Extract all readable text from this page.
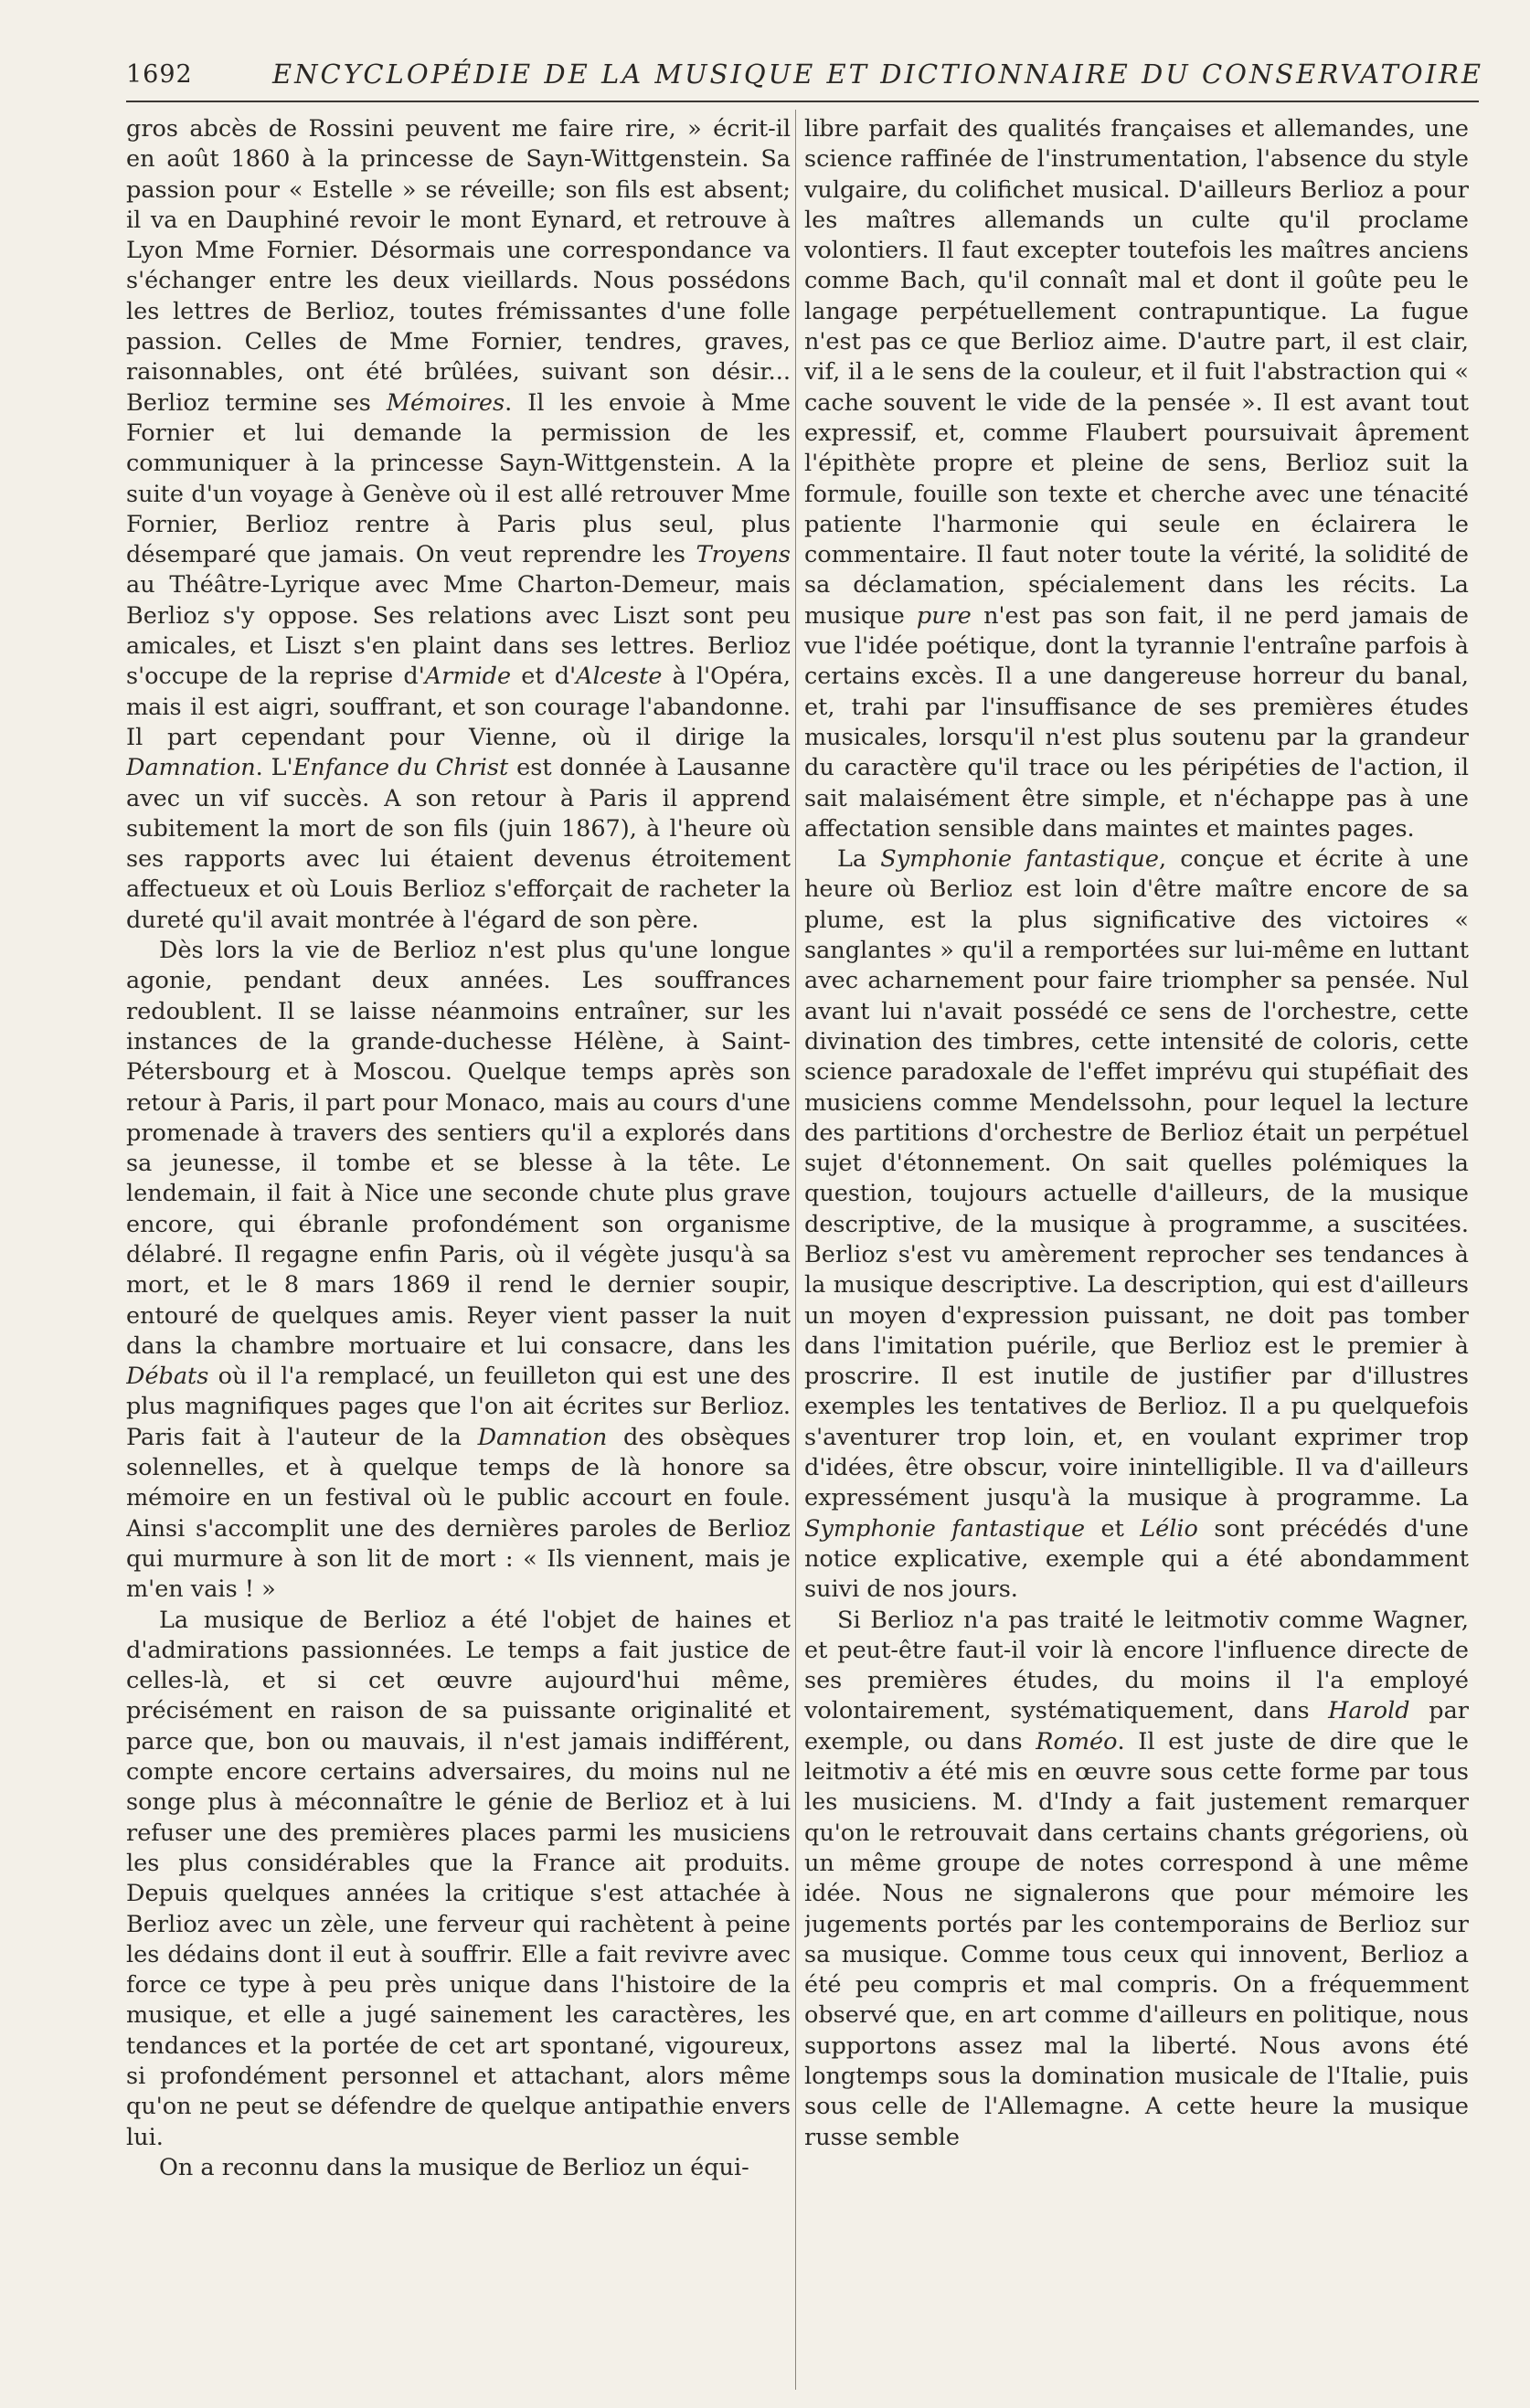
1692	ENCYCLOPÉDIE DE LA MUSIQUE ET DICTIONNAIRE DU CONSERVATOIRE

gros abcès de Rossini peuvent me faire rire, » écrit-il en août 1860 à la princesse de Sayn-Wittgenstein. Sa passion pour « Estelle » se réveille; son fils est absent; il va en Dauphiné revoir le mont Eynard, et retrouve à Lyon Mme Fornier. Désormais une correspondance va s'échanger entre les deux vieillards. Nous possédons les lettres de Berlioz, toutes frémissantes d'une folle passion. Celles de Mme Fornier, tendres, graves, raisonnables, ont été brûlées, suivant son désir... Berlioz termine ses Mémoires. Il les envoie à Mme Fornier et lui demande la permission de les communiquer à la princesse Sayn-Wittgenstein. A la suite d'un voyage à Genève où il est allé retrouver Mme Fornier, Berlioz rentre à Paris plus seul, plus désemparé que jamais. On veut reprendre les Troyens au Théâtre-Lyrique avec Mme Charton-Demeur, mais Berlioz s'y oppose. Ses relations avec Liszt sont peu amicales, et Liszt s'en plaint dans ses lettres. Berlioz s'occupe de la reprise d'Armide et d'Alceste à l'Opéra, mais il est aigri, souffrant, et son courage l'abandonne. Il part cependant pour Vienne, où il dirige la Damnation. L'Enfance du Christ est donnée à Lausanne avec un vif succès. A son retour à Paris il apprend subitement la mort de son fils (juin 1867), à l'heure où ses rapports avec lui étaient devenus étroitement affectueux et où Louis Berlioz s'efforçait de racheter la dureté qu'il avait montrée à l'égard de son père.

Dès lors la vie de Berlioz n'est plus qu'une longue agonie, pendant deux années. Les souffrances redoublent. Il se laisse néanmoins entraîner, sur les instances de la grande-duchesse Hélène, à Saint-Pétersbourg et à Moscou. Quelque temps après son retour à Paris, il part pour Monaco, mais au cours d'une promenade à travers des sentiers qu'il a explorés dans sa jeunesse, il tombe et se blesse à la tête. Le lendemain, il fait à Nice une seconde chute plus grave encore, qui ébranle profondément son organisme délabré. Il regagne enfin Paris, où il végète jusqu'à sa mort, et le 8 mars 1869 il rend le dernier soupir, entouré de quelques amis. Reyer vient passer la nuit dans la chambre mortuaire et lui consacre, dans les Débats où il l'a remplacé, un feuilleton qui est une des plus magnifiques pages que l'on ait écrites sur Berlioz. Paris fait à l'auteur de la Damnation des obsèques solennelles, et à quelque temps de là honore sa mémoire en un festival où le public accourt en foule. Ainsi s'accomplit une des dernières paroles de Berlioz qui murmure à son lit de mort : « Ils viennent, mais je m'en vais ! »

La musique de Berlioz a été l'objet de haines et d'admirations passionnées. Le temps a fait justice de celles-là, et si cet œuvre aujourd'hui même, précisément en raison de sa puissante originalité et parce que, bon ou mauvais, il n'est jamais indifférent, compte encore certains adversaires, du moins nul ne songe plus à méconnaître le génie de Berlioz et à lui refuser une des premières places parmi les musiciens les plus considérables que la France ait produits. Depuis quelques années la critique s'est attachée à Berlioz avec un zèle, une ferveur qui rachètent à peine les dédains dont il eut à souffrir. Elle a fait revivre avec force ce type à peu près unique dans l'histoire de la musique, et elle a jugé sainement les caractères, les tendances et la portée de cet art spontané, vigoureux, si profondément personnel et attachant, alors même qu'on ne peut se défendre de quelque antipathie envers lui.

On a reconnu dans la musique de Berlioz un équi-

libre parfait des qualités françaises et allemandes, une science raffinée de l'instrumentation, l'absence du style vulgaire, du colifichet musical. D'ailleurs Berlioz a pour les maîtres allemands un culte qu'il proclame volontiers. Il faut excepter toutefois les maîtres anciens comme Bach, qu'il connaît mal et dont il goûte peu le langage perpétuellement contrapuntique. La fugue n'est pas ce que Berlioz aime. D'autre part, il est clair, vif, il a le sens de la couleur, et il fuit l'abstraction qui « cache souvent le vide de la pensée ». Il est avant tout expressif, et, comme Flaubert poursuivait âprement l'épithète propre et pleine de sens, Berlioz suit la formule, fouille son texte et cherche avec une ténacité patiente l'harmonie qui seule en éclairera le commentaire. Il faut noter toute la vérité, la solidité de sa déclamation, spécialement dans les récits. La musique pure n'est pas son fait, il ne perd jamais de vue l'idée poétique, dont la tyrannie l'entraîne parfois à certains excès. Il a une dangereuse horreur du banal, et, trahi par l'insuffisance de ses premières études musicales, lorsqu'il n'est plus soutenu par la grandeur du caractère qu'il trace ou les péripéties de l'action, il sait malaisément être simple, et n'échappe pas à une affectation sensible dans maintes et maintes pages.

La Symphonie fantastique, conçue et écrite à une heure où Berlioz est loin d'être maître encore de sa plume, est la plus significative des victoires « sanglantes » qu'il a remportées sur lui-même en luttant avec acharnement pour faire triompher sa pensée. Nul avant lui n'avait possédé ce sens de l'orchestre, cette divination des timbres, cette intensité de coloris, cette science paradoxale de l'effet imprévu qui stupéfiait des musiciens comme Mendelssohn, pour lequel la lecture des partitions d'orchestre de Berlioz était un perpétuel sujet d'étonnement. On sait quelles polémiques la question, toujours actuelle d'ailleurs, de la musique descriptive, de la musique à programme, a suscitées. Berlioz s'est vu amèrement reprocher ses tendances à la musique descriptive. La description, qui est d'ailleurs un moyen d'expression puissant, ne doit pas tomber dans l'imitation puérile, que Berlioz est le premier à proscrire. Il est inutile de justifier par d'illustres exemples les tentatives de Berlioz. Il a pu quelquefois s'aventurer trop loin, et, en voulant exprimer trop d'idées, être obscur, voire inintelligible. Il va d'ailleurs expressément jusqu'à la musique à programme. La Symphonie fantastique et Lélio sont précédés d'une notice explicative, exemple qui a été abondamment suivi de nos jours.

Si Berlioz n'a pas traité le leitmotiv comme Wagner, et peut-être faut-il voir là encore l'influence directe de ses premières études, du moins il l'a employé volontairement, systématiquement, dans Harold par exemple, ou dans Roméo. Il est juste de dire que le leitmotiv a été mis en œuvre sous cette forme par tous les musiciens. M. d'Indy a fait justement remarquer qu'on le retrouvait dans certains chants grégoriens, où un même groupe de notes correspond à une même idée. Nous ne signalerons que pour mémoire les jugements portés par les contemporains de Berlioz sur sa musique. Comme tous ceux qui innovent, Berlioz a été peu compris et mal compris. On a fréquemment observé que, en art comme d'ailleurs en politique, nous supportons assez mal la liberté. Nous avons été longtemps sous la domination musicale de l'Italie, puis sous celle de l'Allemagne. A cette heure la musique russe semble
